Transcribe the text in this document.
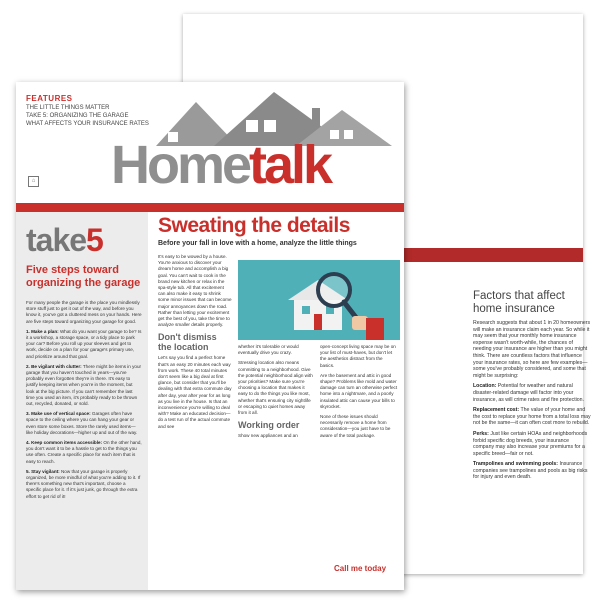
Factors that affect home insurance

Research suggests that about 1 in 20 homeowners will make an insurance claim each year. So while it may seem that your monthly home insurance expense wasn't worth-while, the chances of needing your insurance are higher than you might think. There are countless factors that influence your insurance rates, so here are few examples—some you've probably considered, and some that might be surprising:

Location: Potential for weather and natural disaster-related damage will factor into your insurance, as will crime rates and fire protection.

Replacement cost: The value of your home and the cost to replace your home from a total loss may not be the same—it can often cost more to rebuild.

Perks: Just like certain HOAs and neighborhoods forbid specific dog breeds, your insurance company may also increase your premiums for a specific breed—fair or not.

Trampolines and swimming pools: Insurance companies see trampolines and pools as big risks for injury and even death.

FEATURES
THE LITTLE THINGS MATTER
TAKE 5: ORGANIZING THE GARAGE
WHAT AFFECTS YOUR INSURANCE RATES
Hometalk
⌂
take5
Five steps toward organizing the garage

For many people the garage is the place you mindlessly store stuff just to get it out of the way, and before you know it, you've got a cluttered mess on your hands. Here are five steps toward organizing your garage for good.

1. Make a plan: What do you want your garage to be? Is it a workshop, a storage space, or a tidy place to park your car? Before you roll up your sleeves and get to work, decide on a plan for your garage's primary use, and prioritize around that goal.

2. Be vigilant with clutter: There might be items in your garage that you haven't touched in years—you've probably even forgotten they're in there. It's easy to justify keeping items when you're in the moment, but look at the big picture. If you can't remember the last time you used an item, it's probably ready to be thrown out, recycled, donated, or sold.

3. Make use of vertical space: Garages often have space to the ceiling where you can hang your gear or even store some boxes. Store the rarely used items—like holiday decorations—higher up and out of the way.

4. Keep common items accessible: On the other hand, you don't want it to be a hassle to get to the things you use often. Create a specific place for each item that is easy to reach.

5. Stay vigilant: Now that your garage is properly organized, be more mindful of what you're adding to it. If there's something new that's important, choose a specific place for it. If it's just junk, go through the extra effort to get rid of it!

Sweating the details
Before your fall in love with a home, analyze the little things

It's easy to be wowed by a house. You're anxious to discover your dream home and accomplish a big goal. You can't wait to cook in the brand new kitchen or relax in the spa-style tub. All that excitement can also make it easy to shrink some minor issues that can become major annoyances down the road. Rather than letting your excitement get the best of you, take the time to analyze smaller details properly.

Don't dismiss the location

Let's say you find a perfect home that's an easy 20 minutes each way from work. These 40 total minutes don't seem like a big deal at first glance, but consider that you'll be dealing with that extra commute day after day, year after year for as long as you live in the house. Is that an inconvenience you're willing to deal with? Make an educated decision—do a test run of the actual commute and see

whether it's tolerable or would eventually drive you crazy.

Stressing location also means committing to a neighborhood. Give the potential neighborhood align with your priorities? Make sure you're choosing a location that makes it easy to do the things you like most, whether that's ensuring city nightlife or escaping to quiet homes away from it all.

Working order

Show new appliances and an

open-concept living space may be on your list of must-haves, but don't let the aesthetics distract from the basics.

Are the basement and attic in good shape? Problems like mold and water damage can turn an otherwise perfect home into a nightmare, and a poorly insulated attic can cause your bills to skyrocket.

None of these issues should necessarily remove a home from consideration—you just have to be aware of the total package.

Call me today
